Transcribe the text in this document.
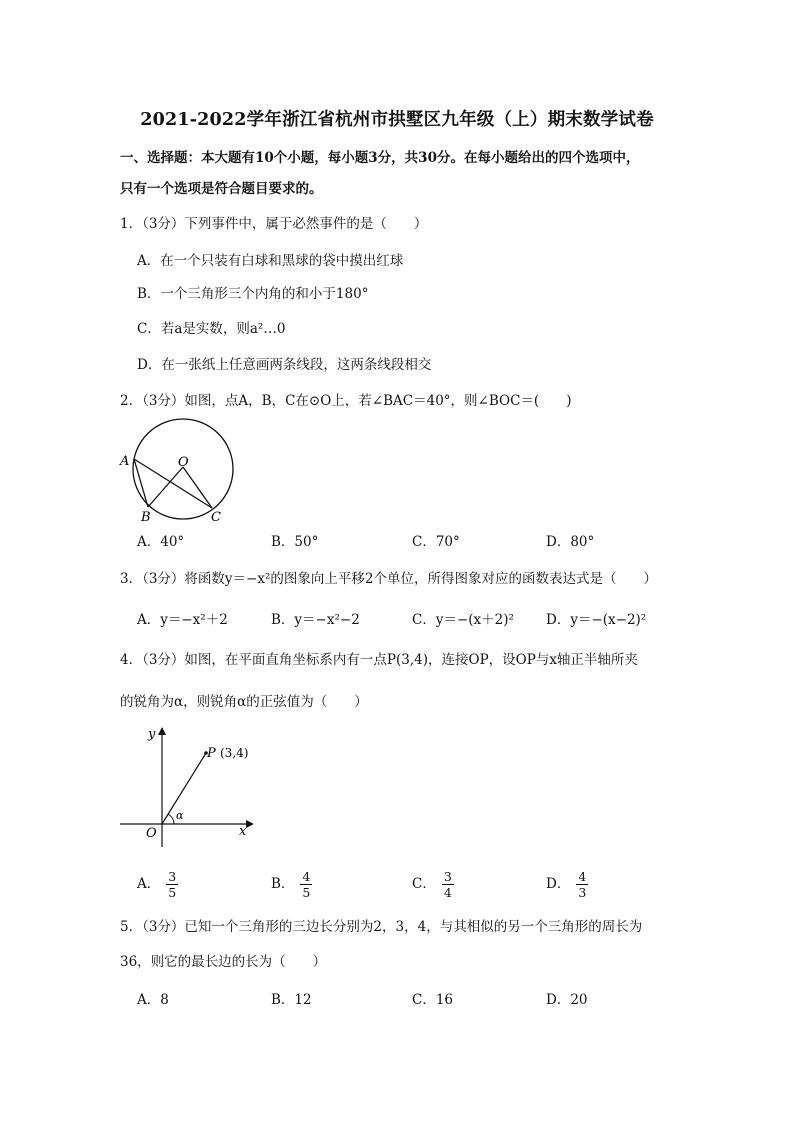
2021-2022学年浙江省杭州市拱墅区九年级（上）期末数学试卷
一、选择题：本大题有10个小题，每小题3分，共30分。在每小题给出的四个选项中，
只有一个选项是符合题目要求的。
1．（3分）下列事件中，属于必然事件的是（　　）
A．在一个只装有白球和黑球的袋中摸出红球
B．一个三角形三个内角的和小于180°
C．若a是实数，则a²…0
D．在一张纸上任意画两条线段，这两条线段相交
2．（3分）如图，点A，B，C在⊙O上，若∠BAC＝40°，则∠BOC＝(　　)
A	O
B	C
A．40°	B．50°	C．70°	D．80°
3．（3分）将函数y＝−x²的图象向上平移2个单位，所得图象对应的函数表达式是（　　）
A．y＝−x²＋2	B．y＝−x²−2	C．y＝−(x＋2)² D．y＝−(x−2)²
4．（3分）如图，在平面直角坐标系内有一点P(3,4)，连接OP，设OP与x轴正半轴所夹
的锐角为α，则锐角α的正弦值为（　　）
y
x
O
P (3,4)
α
A． $\frac{3}{5}$	B． $\frac{4}{5}$	C． $\frac{3}{4}$	D． $\frac{4}{3}$
5．（3分）已知一个三角形的三边长分别为2，3，4，与其相似的另一个三角形的周长为
36，则它的最长边的长为（　　）
A．8	B．12	C．16	D．20
